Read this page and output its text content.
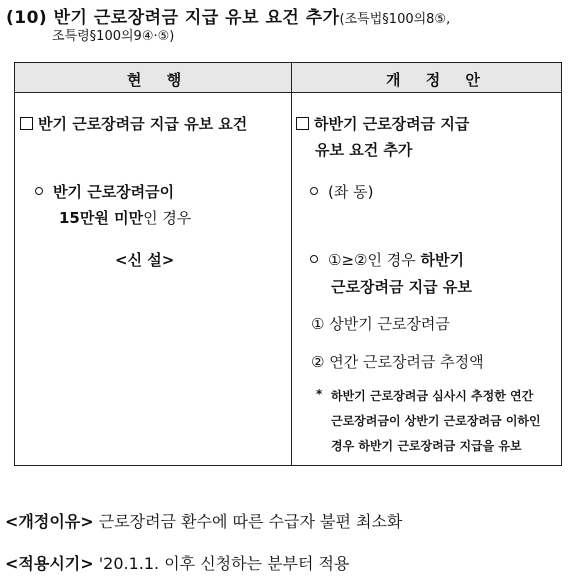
(10) 반기 근로장려금 지급 유보 요건 추가(조특법§100의8⑤,
조특령§100의9④·⑤)
현 행	개 정 안
반기 근로장려금 지급 유보 요건
반기 근로장려금이
15만원 미만인 경우
<신 설>
하반기 근로장려금 지급
유보 요건 추가
(좌 동)
①≥②인 경우 하반기
근로장려금 지급 유보
① 상반기 근로장려금
② 연간 근로장려금 추정액
* 하반기 근로장려금 심사시 추정한 연간
근로장려금이 상반기 근로장려금 이하인
경우 하반기 근로장려금 지급을 유보
<개정이유> 근로장려금 환수에 따른 수급자 불편 최소화
<적용시기> '20.1.1. 이후 신청하는 분부터 적용
